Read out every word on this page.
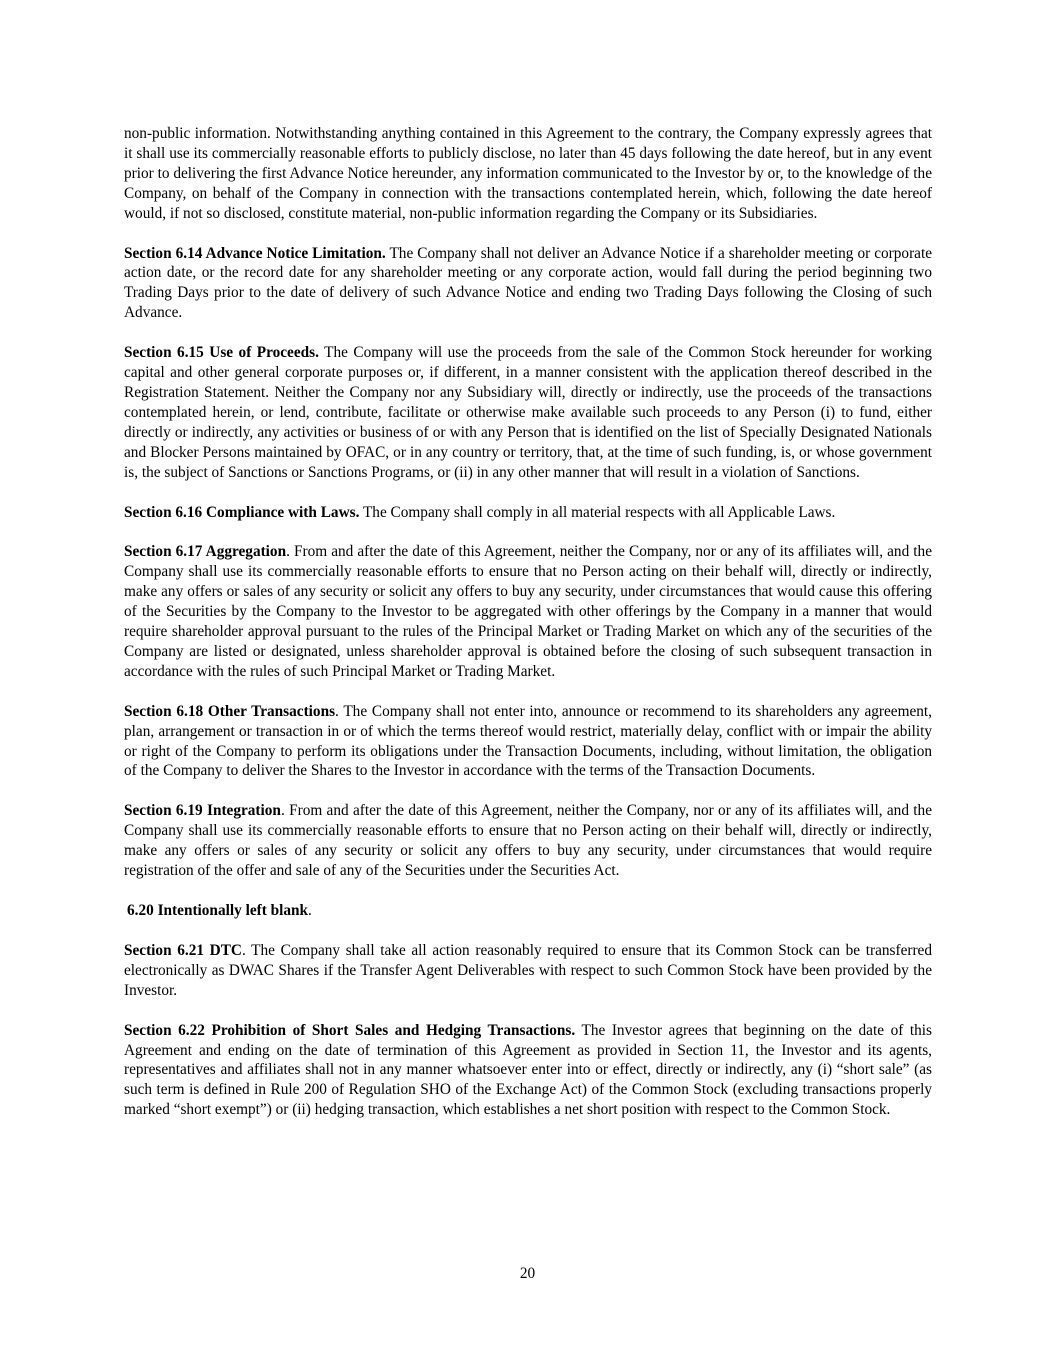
non-public information. Notwithstanding anything contained in this Agreement to the contrary, the Company expressly agrees that it shall use its commercially reasonable efforts to publicly disclose, no later than 45 days following the date hereof, but in any event prior to delivering the first Advance Notice hereunder, any information communicated to the Investor by or, to the knowledge of the Company, on behalf of the Company in connection with the transactions contemplated herein, which, following the date hereof would, if not so disclosed, constitute material, non-public information regarding the Company or its Subsidiaries.

Section 6.14 Advance Notice Limitation. The Company shall not deliver an Advance Notice if a shareholder meeting or corporate action date, or the record date for any shareholder meeting or any corporate action, would fall during the period beginning two Trading Days prior to the date of delivery of such Advance Notice and ending two Trading Days following the Closing of such Advance.

Section 6.15 Use of Proceeds. The Company will use the proceeds from the sale of the Common Stock hereunder for working capital and other general corporate purposes or, if different, in a manner consistent with the application thereof described in the Registration Statement. Neither the Company nor any Subsidiary will, directly or indirectly, use the proceeds of the transactions contemplated herein, or lend, contribute, facilitate or otherwise make available such proceeds to any Person (i) to fund, either directly or indirectly, any activities or business of or with any Person that is identified on the list of Specially Designated Nationals and Blocker Persons maintained by OFAC, or in any country or territory, that, at the time of such funding, is, or whose government is, the subject of Sanctions or Sanctions Programs, or (ii) in any other manner that will result in a violation of Sanctions.

Section 6.16 Compliance with Laws. The Company shall comply in all material respects with all Applicable Laws.

Section 6.17 Aggregation. From and after the date of this Agreement, neither the Company, nor or any of its affiliates will, and the Company shall use its commercially reasonable efforts to ensure that no Person acting on their behalf will, directly or indirectly, make any offers or sales of any security or solicit any offers to buy any security, under circumstances that would cause this offering of the Securities by the Company to the Investor to be aggregated with other offerings by the Company in a manner that would require shareholder approval pursuant to the rules of the Principal Market or Trading Market on which any of the securities of the Company are listed or designated, unless shareholder approval is obtained before the closing of such subsequent transaction in accordance with the rules of such Principal Market or Trading Market.

Section 6.18 Other Transactions. The Company shall not enter into, announce or recommend to its shareholders any agreement, plan, arrangement or transaction in or of which the terms thereof would restrict, materially delay, conflict with or impair the ability or right of the Company to perform its obligations under the Transaction Documents, including, without limitation, the obligation of the Company to deliver the Shares to the Investor in accordance with the terms of the Transaction Documents.

Section 6.19 Integration. From and after the date of this Agreement, neither the Company, nor or any of its affiliates will, and the Company shall use its commercially reasonable efforts to ensure that no Person acting on their behalf will, directly or indirectly, make any offers or sales of any security or solicit any offers to buy any security, under circumstances that would require registration of the offer and sale of any of the Securities under the Securities Act.

6.20 Intentionally left blank.

Section 6.21 DTC. The Company shall take all action reasonably required to ensure that its Common Stock can be transferred electronically as DWAC Shares if the Transfer Agent Deliverables with respect to such Common Stock have been provided by the Investor.

Section 6.22 Prohibition of Short Sales and Hedging Transactions. The Investor agrees that beginning on the date of this Agreement and ending on the date of termination of this Agreement as provided in Section 11, the Investor and its agents, representatives and affiliates shall not in any manner whatsoever enter into or effect, directly or indirectly, any (i) “short sale” (as such term is defined in Rule 200 of Regulation SHO of the Exchange Act) of the Common Stock (excluding transactions properly marked “short exempt”) or (ii) hedging transaction, which establishes a net short position with respect to the Common Stock.

20
